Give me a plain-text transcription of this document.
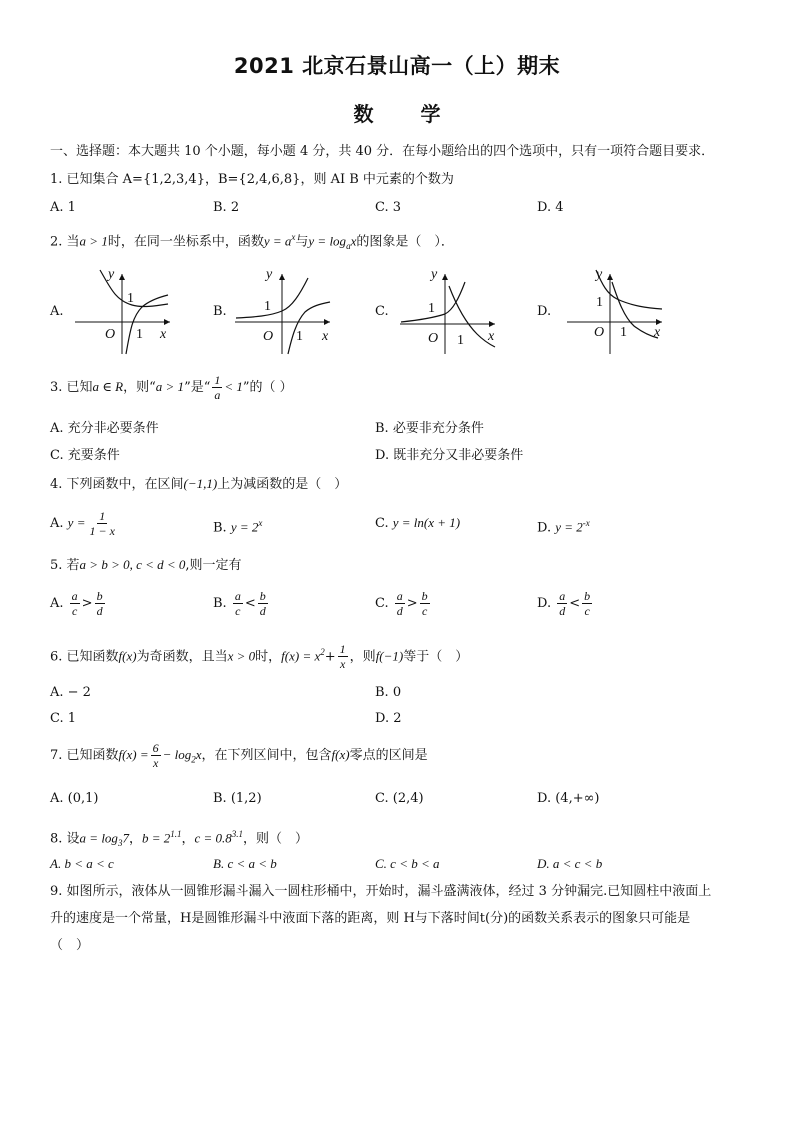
2021 北京石景山高一（上）期末
数 学
一、选择题：本大题共 10 个小题，每小题 4 分，共 40 分．在每小题给出的四个选项中，只有一项符合题目要求．
1. 已知集合 A={1,2,3,4}，B={2,4,6,8}，则 AⅠ B 中元素的个数为
A. 1	B. 2	C. 3	D. 4
2. 当a > 1时，在同一坐标系中，函数$y = a^x$与$y = \log_ax$的图象是（　）．
A.	B.	C.	D.
y
1
O 1 x
y
1
O 1 x
y
1
O 1 x
y
1
O 1 x
3. 已知a ∈ R，则“a > 1”是“ $\frac{1}{a} < 1$”的（ ）
A. 充分非必要条件	B. 必要非充分条件
C. 充要条件	D. 既非充分又非必要条件
4. 下列函数中，在区间(−1,1)上为减函数的是（　）
A. $y = \frac{1}{1 - x}$	B. $y = 2^x$	C. y = ln(x + 1)	D. $y = 2^{-x}$
5. 若a > b > 0, c < d < 0,则一定有
A. $\frac{a}{c} > \frac{b}{d}$	B. $\frac{a}{c} < \frac{b}{d}$	C. $\frac{a}{d} > \frac{b}{c}$	D. $\frac{a}{d} < \frac{b}{c}$
6. 已知函数f(x)为奇函数，且当x > 0时，$f(x) = x^2+ \frac{1}{x}$ ，则f(−1)等于（　）
A. − 2	B. 0
C. 1	D. 2
7. 已知函数$f(x) = \frac{6}{x} - \log_2x$，在下列区间中，包含f(x)零点的区间是
A. (0,1)	B. (1,2)	C. (2,4)	D. (4,+∞)
8. 设$a = \log_37$，$b = 2^{1.1}$，$c = 0.8^{3.1}$，则（　）
A. b < a < c	B. c < a < b	C. c < b < a	D. a < c < b
9. 如图所示，液体从一圆锥形漏斗漏入一圆柱形桶中，开始时，漏斗盛满液体，经过 3 分钟漏完.已知圆柱中液面上
升的速度是一个常量，H是圆锥形漏斗中液面下落的距离，则 H与下落时间t(分)的函数关系表示的图象只可能是
（　）
